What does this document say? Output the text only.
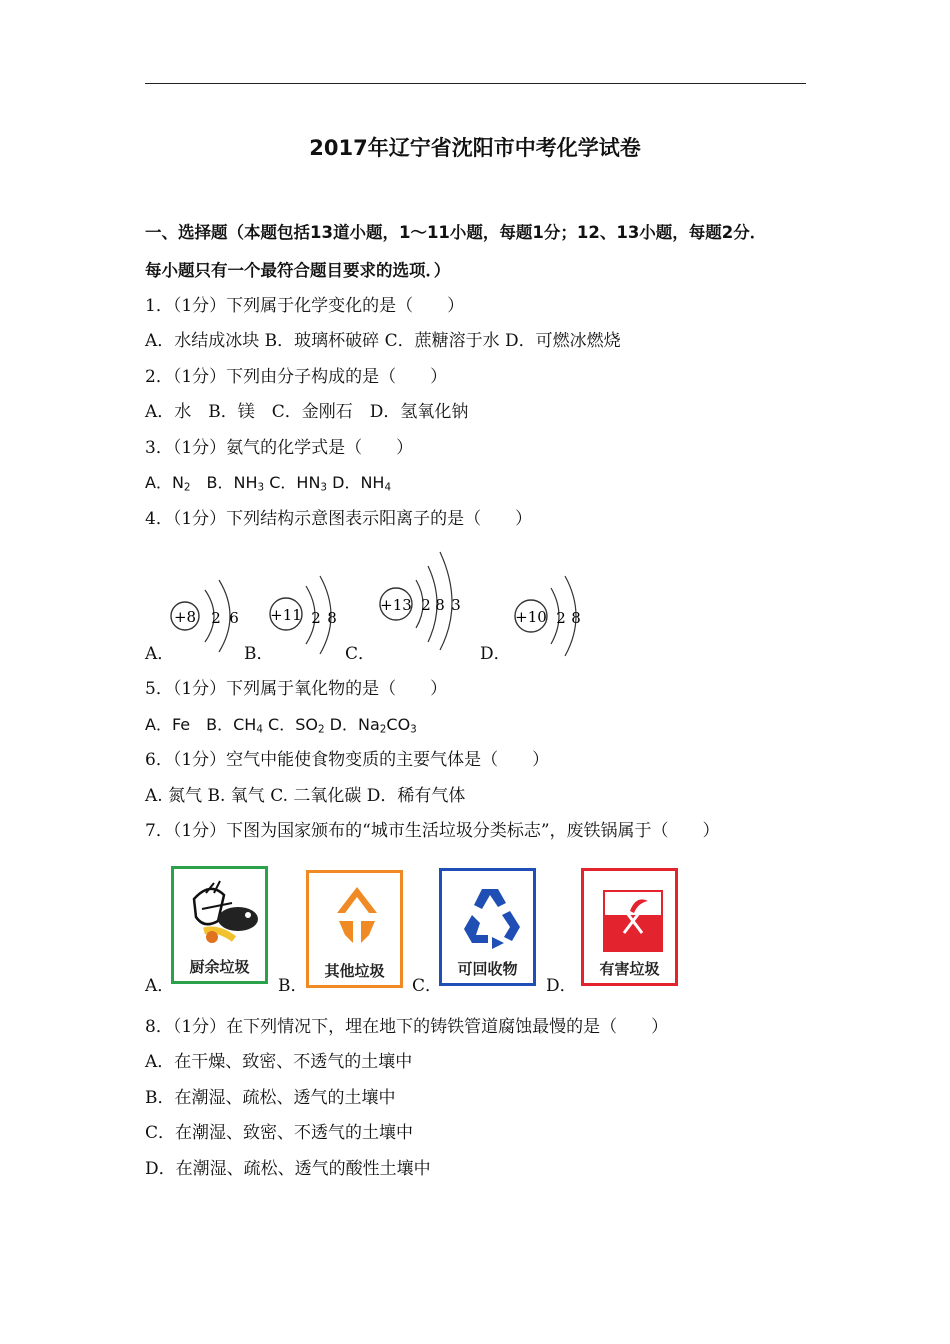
2017年辽宁省沈阳市中考化学试卷
一、选择题（本题包括13道小题，1～11小题，每题1分；12、13小题，每题2分．
每小题只有一个最符合题目要求的选项．）
1．（1分）下列属于化学变化的是（　　）
A．水结成冰块 B．玻璃杯破碎 C．蔗糖溶于水 D．可燃冰燃烧
2．（1分）下列由分子构成的是（　　）
A．水　B．镁　C．金刚石　D．氢氧化钠
3．（1分）氨气的化学式是（　　）
A．$N_2$　B．$NH_3$ C．$HN_3$ D．$NH_4$
4．（1分）下列结构示意图表示阳离子的是（　　）
A．	B．	C．	D．
+8 2 6 +11 2 8
+13 2 8 3
+10 2 8
5．（1分）下列属于氧化物的是（　　）
A．Fe　B．$CH_4$ C．$SO_2$ D．$Na_2CO_3$
6．（1分）空气中能使食物变质的主要气体是（　　）
A. 氮气 B. 氧气 C. 二氧化碳 D．稀有气体
7．（1分）下图为国家颁布的“城市生活垃圾分类标志”，废铁锅属于（　　）
A．	B．	C．	D．
厨余垃圾	其他垃圾	可回收物	有害垃圾
8．（1分）在下列情况下，埋在地下的铸铁管道腐蚀最慢的是（　　）
A．在干燥、致密、不透气的土壤中
B．在潮湿、疏松、透气的土壤中
C．在潮湿、致密、不透气的土壤中
D．在潮湿、疏松、透气的酸性土壤中
